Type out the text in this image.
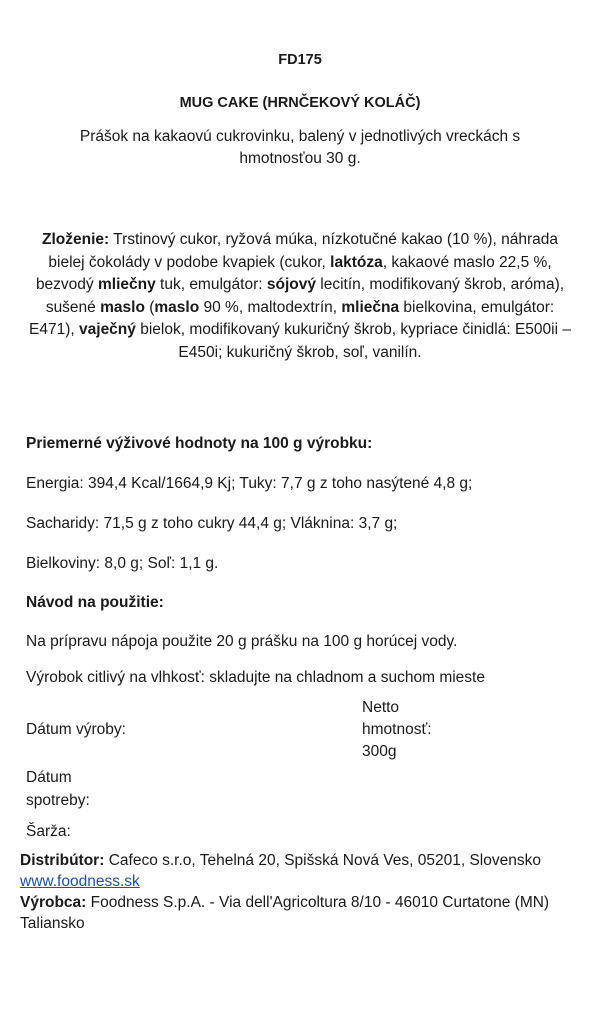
FD175
MUG CAKE (HRNČEKOVÝ KOLÁČ)
Prášok na kakaovú cukrovinku, balený v jednotlivých vreckách s hmotnosťou 30 g.
Zloženie: Trstinový cukor, ryžová múka, nízkotučné kakao (10 %), náhrada bielej čokolády v podobe kvapiek (cukor, laktóza, kakaové maslo 22,5 %, bezvodý mliečny tuk, emulgátor: sójový lecitín, modifikovaný škrob, aróma), sušené maslo (maslo 90 %, maltodextrín, mliečna bielkovina, emulgátor: E471), vaječný bielok, modifikovaný kukuričný škrob, kypriace činidlá: E500ii – E450i; kukuričný škrob, soľ, vanilín.
Priemerné výživové hodnoty na 100 g výrobku:
Energia: 394,4 Kcal/1664,9 Kj; Tuky: 7,7 g z toho nasýtené 4,8 g;
Sacharidy: 71,5 g z toho cukry 44,4 g; Vláknina: 3,7 g;
Bielkoviny: 8,0 g; Soľ: 1,1 g.
Návod na použitie:
Na prípravu nápoja použite 20 g prášku na 100 g horúcej vody.
Výrobok citlivý na vlhkosť: skladujte na chladnom a suchom mieste
Dátum výroby:
Netto
hmotnosť:
300g
Dátum
spotreby:
Šarža:
Distribútor: Cafeco s.r.o, Tehelná 20, Spišská Nová Ves, 05201, Slovensko
www.foodness.sk
Výrobca: Foodness S.p.A. - Via dell'Agricoltura 8/10 - 46010 Curtatone (MN) Taliansko
